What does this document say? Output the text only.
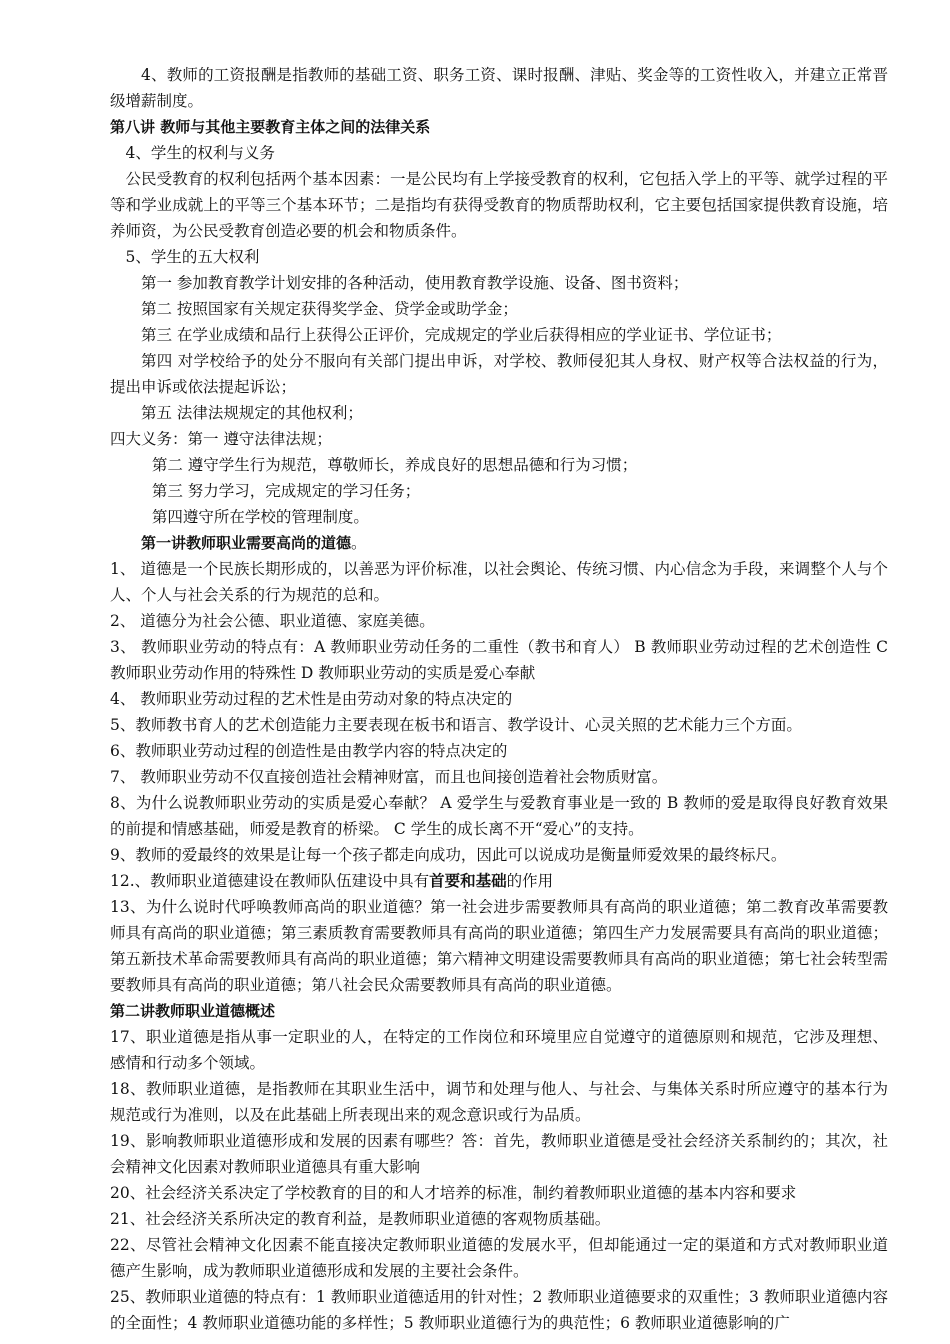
4、教师的工资报酬是指教师的基础工资、职务工资、课时报酬、津贴、奖金等的工资性收入，并建立正常晋级增薪制度。

第八讲 教师与其他主要教育主体之间的法律关系

4、学生的权利与义务

公民受教育的权利包括两个基本因素：一是公民均有上学接受教育的权利，它包括入学上的平等、就学过程的平等和学业成就上的平等三个基本环节；二是指均有获得受教育的物质帮助权利，它主要包括国家提供教育设施，培养师资，为公民受教育创造必要的机会和物质条件。

5、学生的五大权利

第一 参加教育教学计划安排的各种活动，使用教育教学设施、设备、图书资料；

第二 按照国家有关规定获得奖学金、贷学金或助学金；

第三 在学业成绩和品行上获得公正评价，完成规定的学业后获得相应的学业证书、学位证书；

第四 对学校给予的处分不服向有关部门提出申诉，对学校、教师侵犯其人身权、财产权等合法权益的行为，提出申诉或依法提起诉讼；

第五 法律法规规定的其他权利；

四大义务：第一 遵守法律法规；

第二 遵守学生行为规范，尊敬师长，养成良好的思想品德和行为习惯；

第三 努力学习，完成规定的学习任务；

第四遵守所在学校的管理制度。

第一讲教师职业需要高尚的道德。

1、 道德是一个民族长期形成的，以善恶为评价标准，以社会舆论、传统习惯、内心信念为手段，来调整个人与个人、个人与社会关系的行为规范的总和。

2、 道德分为社会公德、职业道德、家庭美德。

3、 教师职业劳动的特点有：A 教师职业劳动任务的二重性（教书和育人） B 教师职业劳动过程的艺术创造性 C 教师职业劳动作用的特殊性 D 教师职业劳动的实质是爱心奉献

4、 教师职业劳动过程的艺术性是由劳动对象的特点决定的

5、教师教书育人的艺术创造能力主要表现在板书和语言、教学设计、心灵关照的艺术能力三个方面。

6、教师职业劳动过程的创造性是由教学内容的特点决定的

7、 教师职业劳动不仅直接创造社会精神财富，而且也间接创造着社会物质财富。

8、为什么说教师职业劳动的实质是爱心奉献？ A 爱学生与爱教育事业是一致的 B 教师的爱是取得良好教育效果的前提和情感基础，师爱是教育的桥梁。 C 学生的成长离不开“爱心”的支持。

9、教师的爱最终的效果是让每一个孩子都走向成功，因此可以说成功是衡量师爱效果的最终标尺。

12.、教师职业道德建设在教师队伍建设中具有首要和基础的作用

13、为什么说时代呼唤教师高尚的职业道德？第一社会进步需要教师具有高尚的职业道德；第二教育改革需要教师具有高尚的职业道德；第三素质教育需要教师具有高尚的职业道德；第四生产力发展需要具有高尚的职业道德；第五新技术革命需要教师具有高尚的职业道德；第六精神文明建设需要教师具有高尚的职业道德；第七社会转型需要教师具有高尚的职业道德；第八社会民众需要教师具有高尚的职业道德。

第二讲教师职业道德概述

17、职业道德是指从事一定职业的人，在特定的工作岗位和环境里应自觉遵守的道德原则和规范，它涉及理想、感情和行动多个领域。

18、教师职业道德，是指教师在其职业生活中，调节和处理与他人、与社会、与集体关系时所应遵守的基本行为规范或行为准则，以及在此基础上所表现出来的观念意识或行为品质。

19、影响教师职业道德形成和发展的因素有哪些？答：首先，教师职业道德是受社会经济关系制约的；其次，社会精神文化因素对教师职业道德具有重大影响

20、社会经济关系决定了学校教育的目的和人才培养的标准，制约着教师职业道德的基本内容和要求

21、社会经济关系所决定的教育利益，是教师职业道德的客观物质基础。

22、尽管社会精神文化因素不能直接决定教师职业道德的发展水平，但却能通过一定的渠道和方式对教师职业道德产生影响，成为教师职业道德形成和发展的主要社会条件。

25、教师职业道德的特点有：1 教师职业道德适用的针对性；2 教师职业道德要求的双重性；3 教师职业道德内容的全面性；4 教师职业道德功能的多样性；5 教师职业道德行为的典范性；6 教师职业道德影响的广
